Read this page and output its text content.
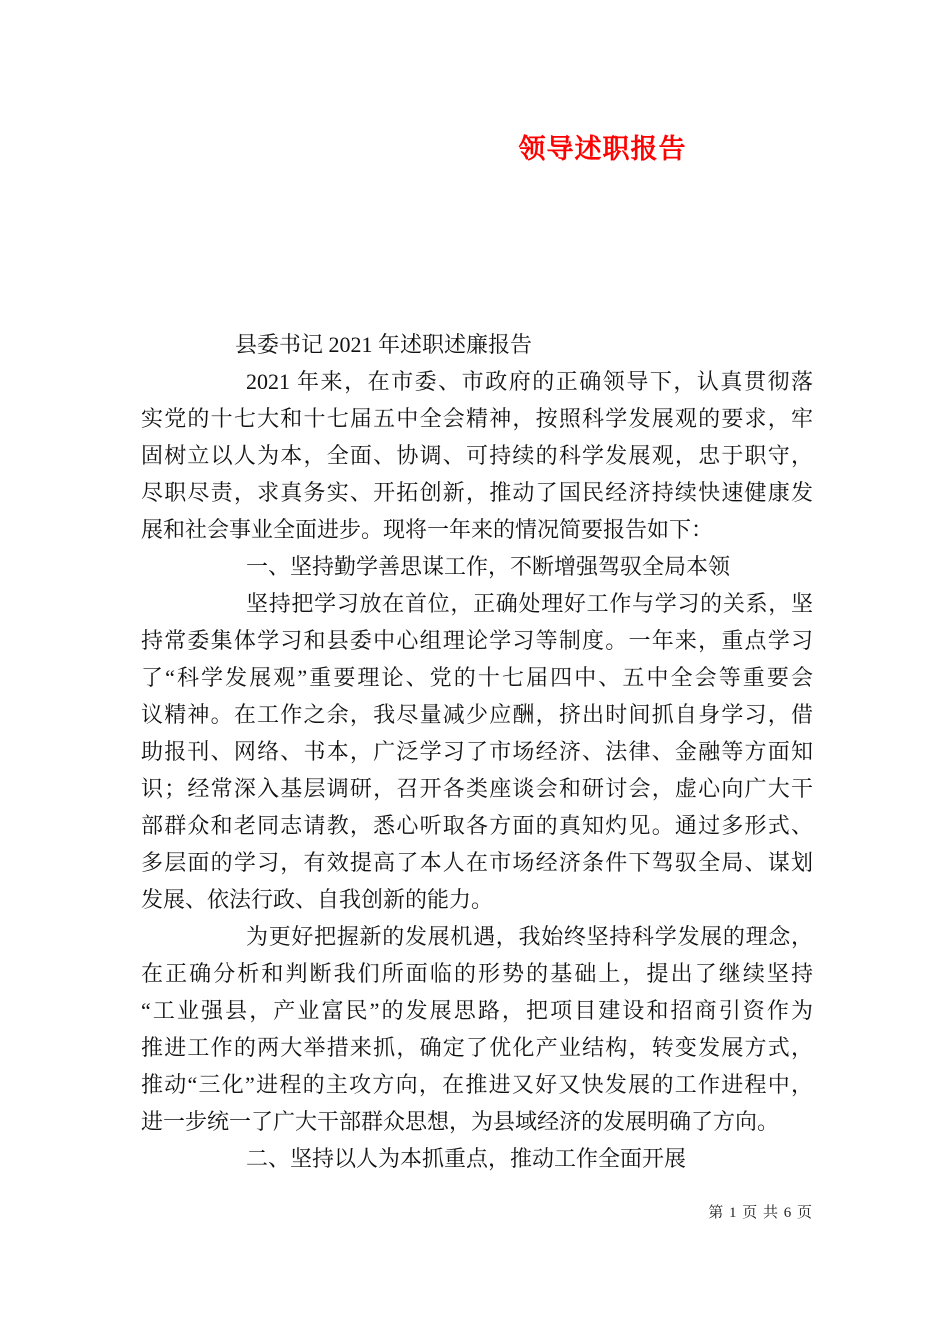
领导述职报告
县委书记 2021 年述职述廉报告
2021 年来，在市委、市政府的正确领导下，认真贯彻落
实党的十七大和十七届五中全会精神，按照科学发展观的要求，牢
固树立以人为本，全面、协调、可持续的科学发展观，忠于职守，
尽职尽责，求真务实、开拓创新，推动了国民经济持续快速健康发
展和社会事业全面进步。现将一年来的情况简要报告如下：
一、坚持勤学善思谋工作，不断增强驾驭全局本领
坚持把学习放在首位，正确处理好工作与学习的关系，坚
持常委集体学习和县委中心组理论学习等制度。一年来，重点学习
了“科学发展观”重要理论、党的十七届四中、五中全会等重要会
议精神。在工作之余，我尽量减少应酬，挤出时间抓自身学习，借
助报刊、网络、书本，广泛学习了市场经济、法律、金融等方面知
识；经常深入基层调研，召开各类座谈会和研讨会，虚心向广大干
部群众和老同志请教，悉心听取各方面的真知灼见。通过多形式、
多层面的学习，有效提高了本人在市场经济条件下驾驭全局、谋划
发展、依法行政、自我创新的能力。
为更好把握新的发展机遇，我始终坚持科学发展的理念，
在正确分析和判断我们所面临的形势的基础上，提出了继续坚持
“工业强县，产业富民”的发展思路，把项目建设和招商引资作为
推进工作的两大举措来抓，确定了优化产业结构，转变发展方式，
推动“三化”进程的主攻方向，在推进又好又快发展的工作进程中，
进一步统一了广大干部群众思想，为县域经济的发展明确了方向。
二、坚持以人为本抓重点，推动工作全面开展
第 1 页 共 6 页
